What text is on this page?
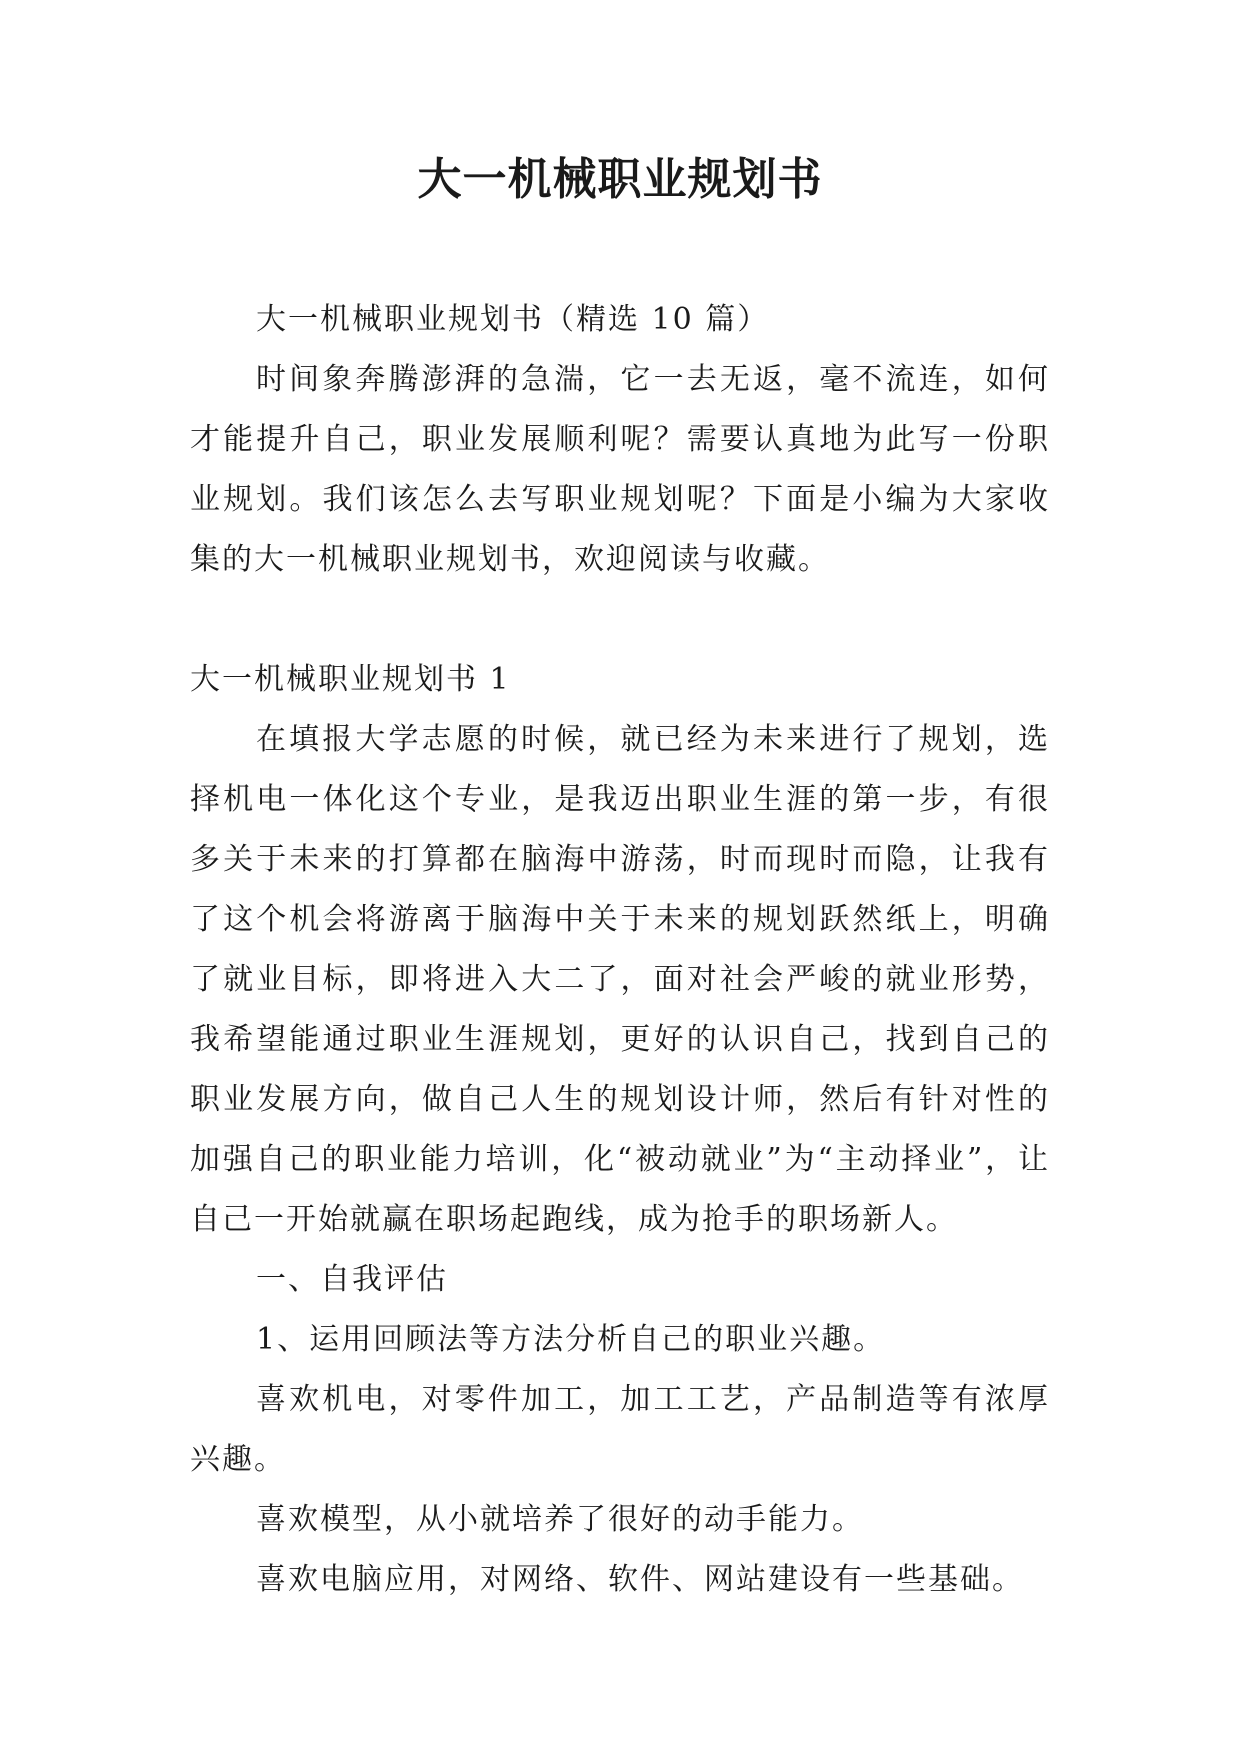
大一机械职业规划书

大一机械职业规划书（精选 10 篇）

时间象奔腾澎湃的急湍，它一去无返，毫不流连，如何才能提升自己，职业发展顺利呢？需要认真地为此写一份职业规划。我们该怎么去写职业规划呢？下面是小编为大家收集的大一机械职业规划书，欢迎阅读与收藏。

大一机械职业规划书 1

在填报大学志愿的时候，就已经为未来进行了规划，选择机电一体化这个专业，是我迈出职业生涯的第一步，有很多关于未来的打算都在脑海中游荡，时而现时而隐，让我有了这个机会将游离于脑海中关于未来的规划跃然纸上，明确了就业目标，即将进入大二了，面对社会严峻的就业形势，我希望能通过职业生涯规划，更好的认识自己，找到自己的职业发展方向，做自己人生的规划设计师，然后有针对性的加强自己的职业能力培训，化“被动就业”为“主动择业”，让自己一开始就赢在职场起跑线，成为抢手的职场新人。

一、自我评估

1、运用回顾法等方法分析自己的职业兴趣。

喜欢机电，对零件加工，加工工艺，产品制造等有浓厚兴趣。

喜欢模型，从小就培养了很好的动手能力。

喜欢电脑应用，对网络、软件、网站建设有一些基础。
